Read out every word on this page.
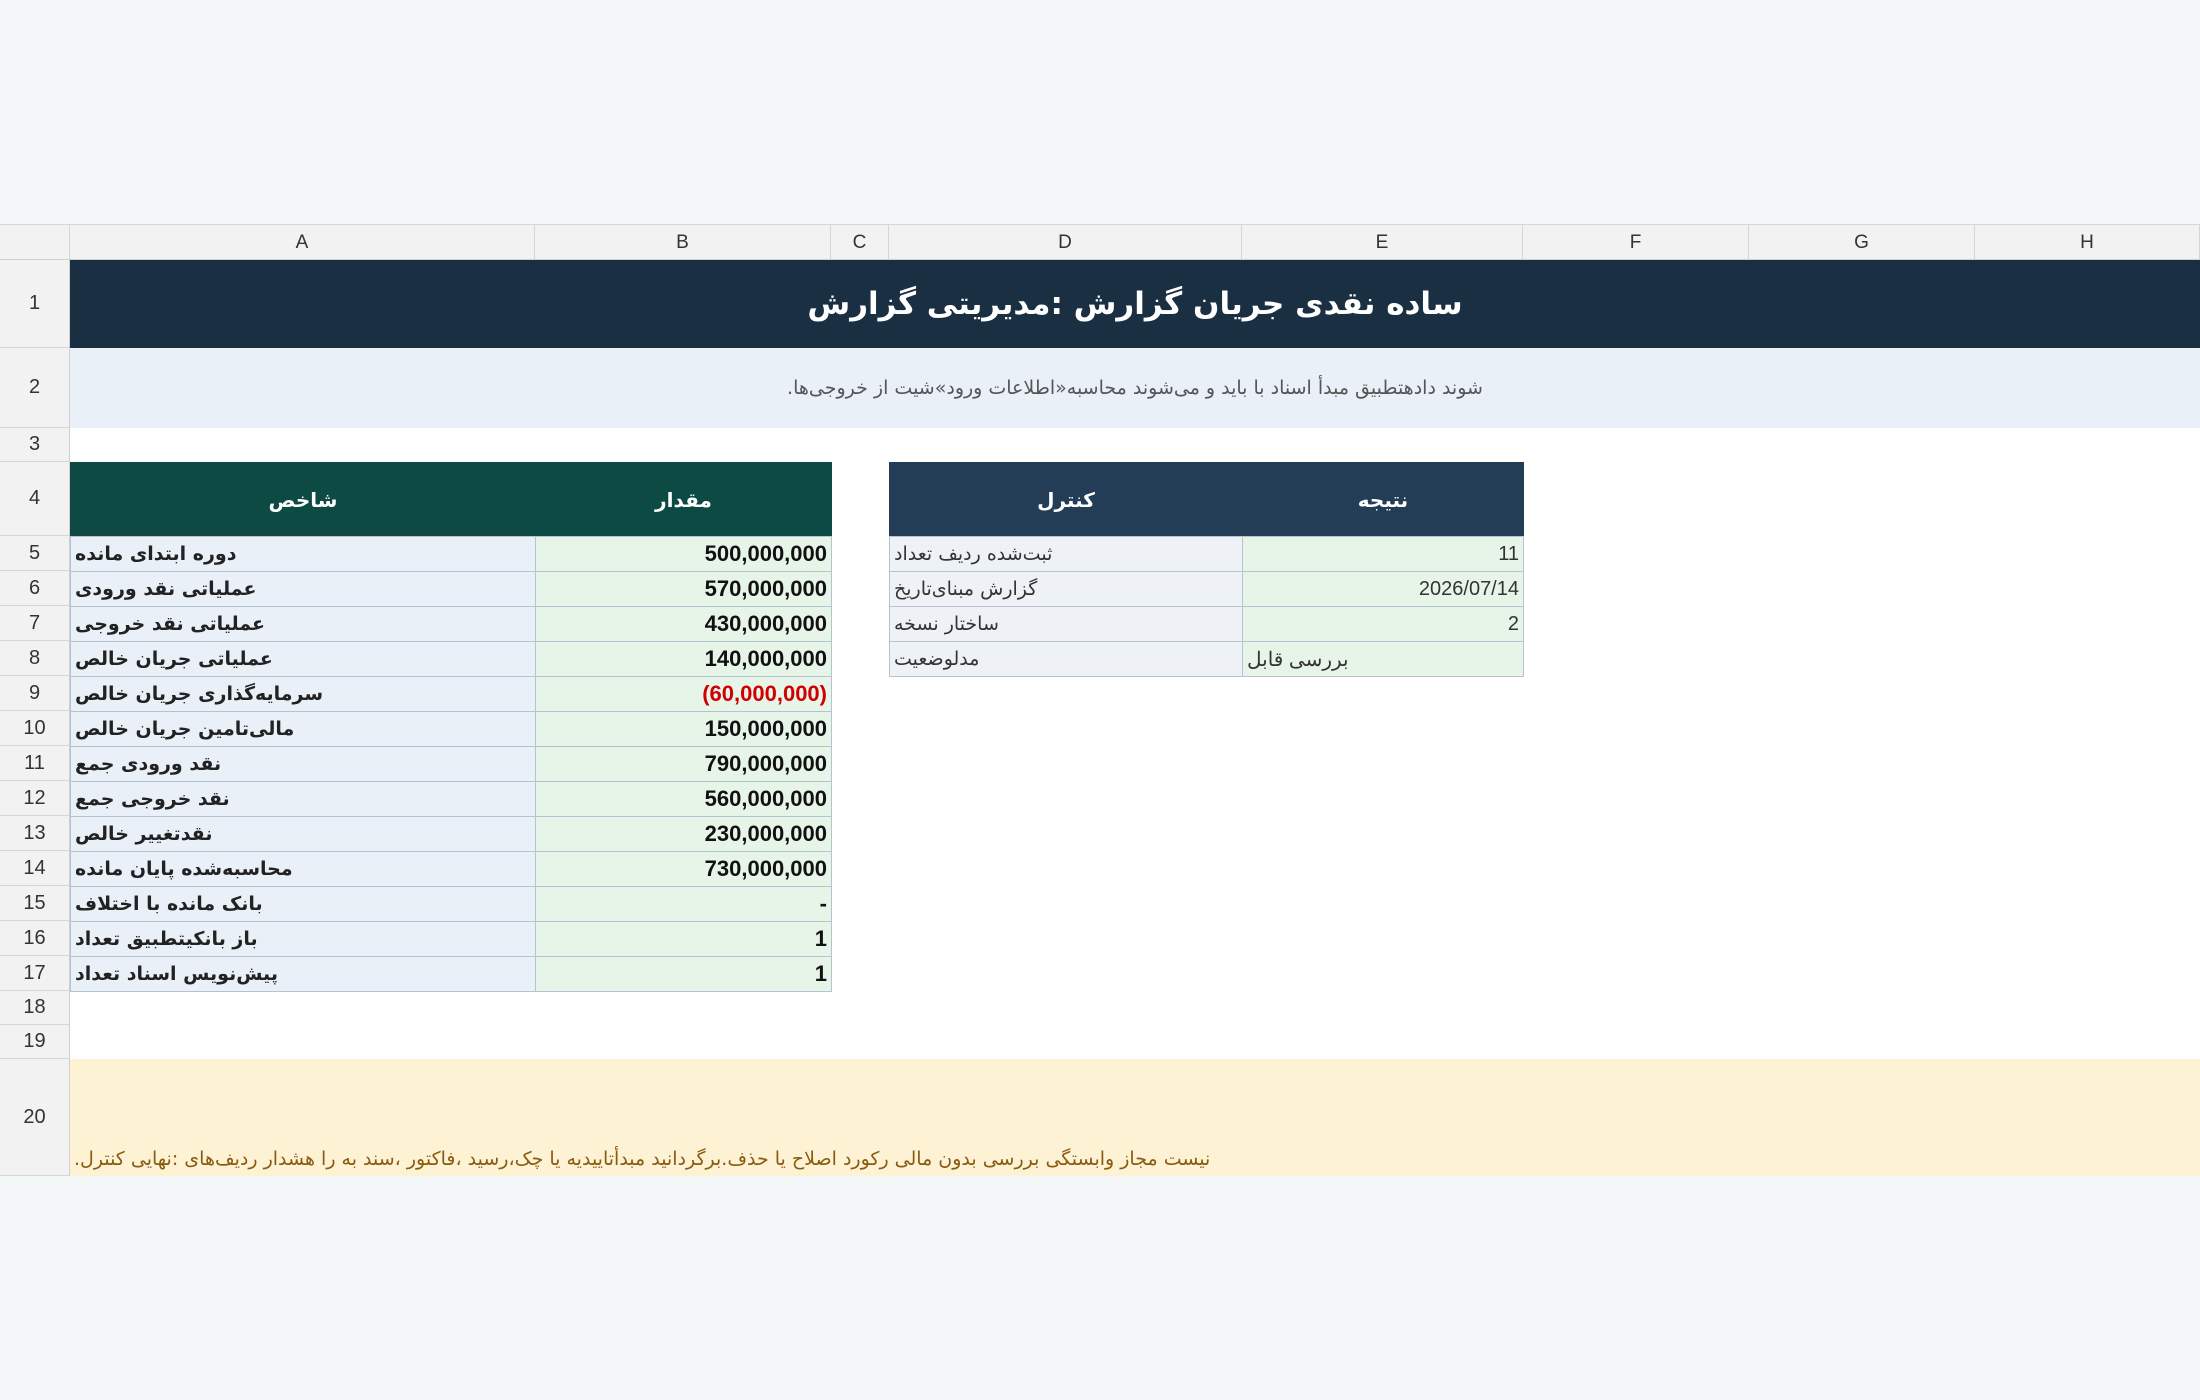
A	B	C	D	E	F	G	H
1
2
3
4
5
6
7
8
9
10
11
12
13
14
15
16
17
18
19
20
ساده نقدی جریان گزارش :مدیریتی گزارش
.شوند دادهتطبیق مبدأ اسناد با باید و می‌شوند محاسبه«اطلاعات ورود»شیت از خروجی‌ها
شاخص	مقدار
دوره ابتدای مانده	500,000,000
عملیاتی نقد ورودی	570,000,000
عملیاتی نقد خروجی	430,000,000
عملیاتی جریان خالص	140,000,000
سرمایه‌گذاری جریان خالص	(60,000,000)
مالی‌تامین جریان خالص	150,000,000
نقد ورودی جمع	790,000,000
نقد خروجی جمع	560,000,000
نقدتغییر خالص	230,000,000
محاسبه‌شده پایان مانده	730,000,000
بانک مانده با اختلاف	-
باز بانکیتطبیق تعداد	1
پیش‌نویس اسناد تعداد	1
کنترل	نتیجه
ثبت‌شده ردیف تعداد	11
گزارش مبنای‌تاریخ	2026/07/14
ساختار نسخه	2
مدلوضعیت	بررسی قابل
.نیست مجاز وابستگی بررسی بدون مالی رکورد اصلاح یا حذف.برگردانید مبدأتاییدیه یا چک،رسید ،فاکتور ،سند به را هشدار ردیف‌های :نهایی کنترل
